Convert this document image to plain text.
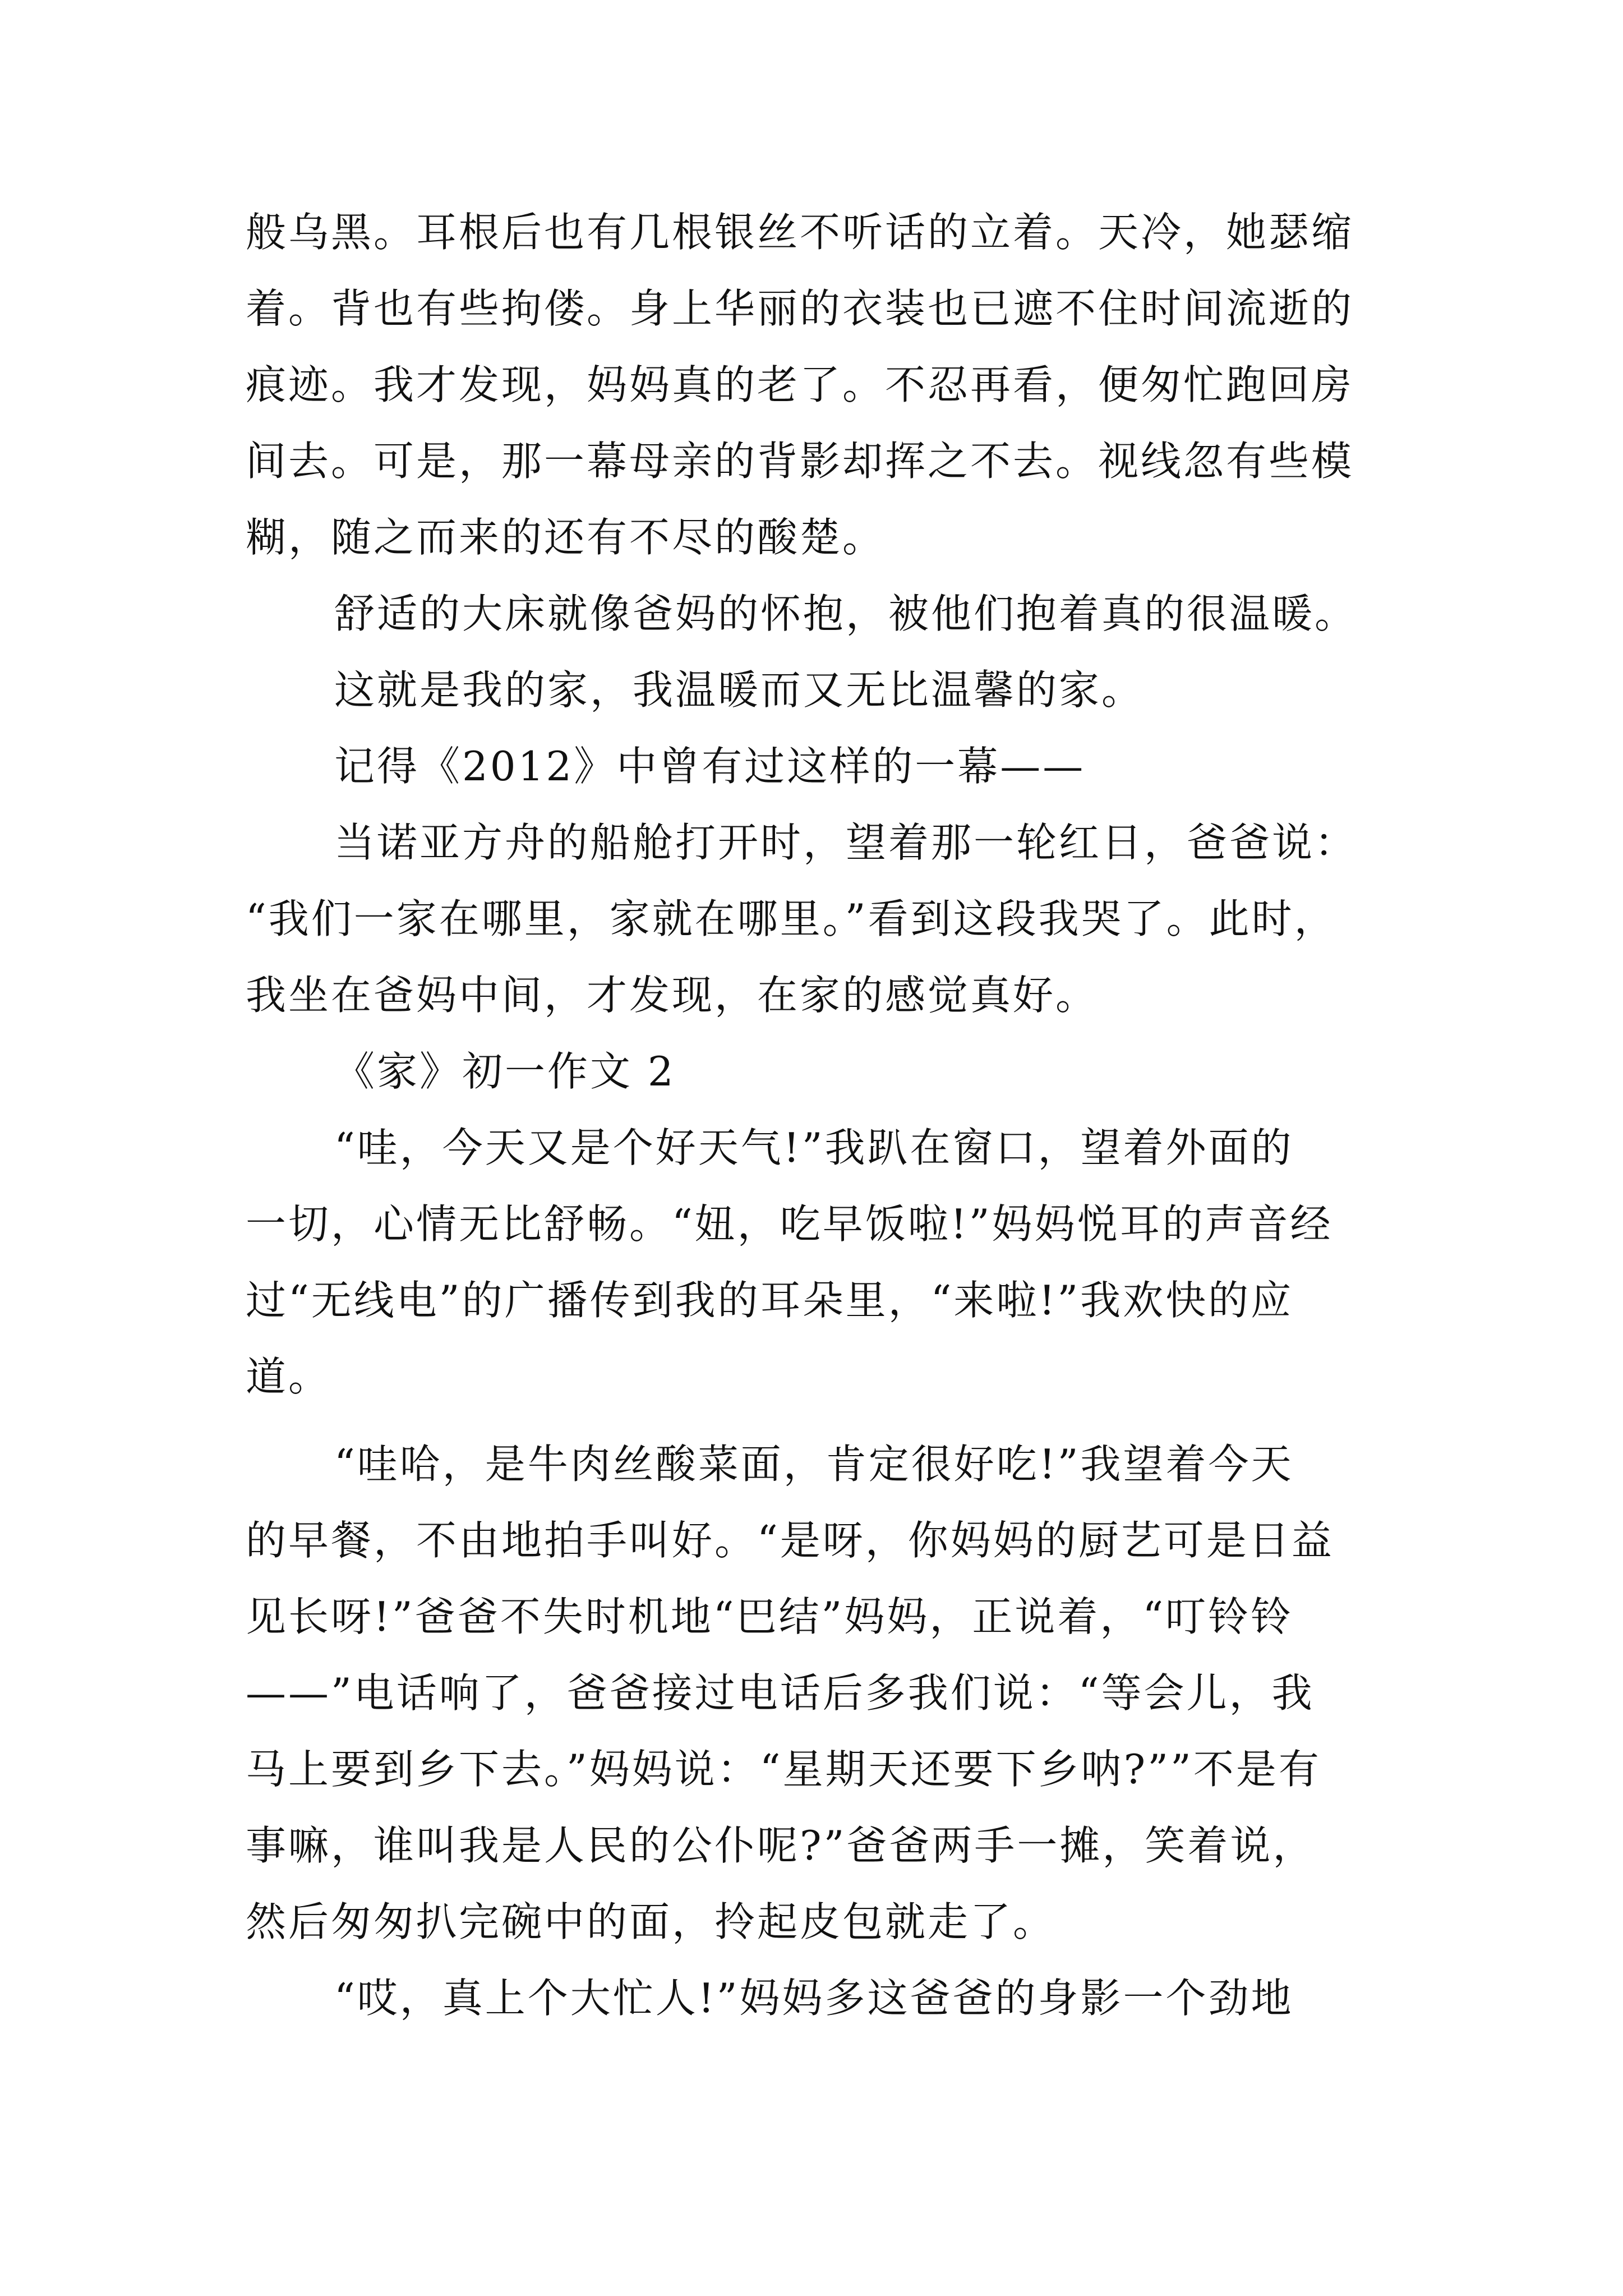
般乌黑。耳根后也有几根银丝不听话的立着。天冷，她瑟缩
着。背也有些拘偻。身上华丽的衣装也已遮不住时间流逝的
痕迹。我才发现，妈妈真的老了。不忍再看，便匆忙跑回房
间去。可是，那一幕母亲的背影却挥之不去。视线忽有些模
糊，随之而来的还有不尽的酸楚。
舒适的大床就像爸妈的怀抱，被他们抱着真的很温暖。
这就是我的家，我温暖而又无比温馨的家。
记得《2012》中曾有过这样的一幕——
当诺亚方舟的船舱打开时，望着那一轮红日，爸爸说：
“我们一家在哪里，家就在哪里。”看到这段我哭了。此时，
我坐在爸妈中间，才发现，在家的感觉真好。
《家》初一作文 2
“哇，今天又是个好天气!”我趴在窗口，望着外面的
一切，心情无比舒畅。“妞，吃早饭啦!”妈妈悦耳的声音经
过“无线电”的广播传到我的耳朵里，“来啦!”我欢快的应
道。
“哇哈，是牛肉丝酸菜面，肯定很好吃!”我望着今天
的早餐，不由地拍手叫好。“是呀，你妈妈的厨艺可是日益
见长呀!”爸爸不失时机地“巴结”妈妈，正说着，“叮铃铃
——”电话响了，爸爸接过电话后多我们说：“等会儿，我
马上要到乡下去。”妈妈说：“星期天还要下乡呐?””不是有
事嘛，谁叫我是人民的公仆呢?”爸爸两手一摊，笑着说，
然后匆匆扒完碗中的面，拎起皮包就走了。
“哎，真上个大忙人!”妈妈多这爸爸的身影一个劲地
